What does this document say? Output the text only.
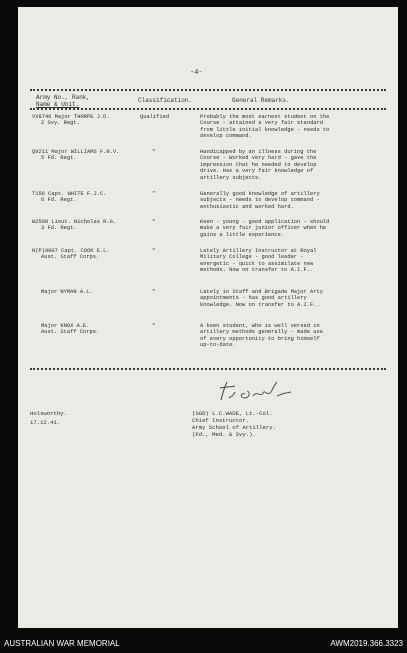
-4-
Army No., Rank,
Name & Unit.	Classification.	General Remarks.
VX8746 Major THORPE J.D.
2 Svy. Regt.
Qualified	Probably the most earnest student on the
Course - attained a very fair standard
from little initial knowledge - needs to
develop command.
Q9211 Major WILLIAMS F.N.V.
5 Fd. Regt.
"	Handicapped by an illness during the
Course - Worked very hard - gave the
impression that he needed to develop
drive. Has a very fair knowledge of
artillery subjects.
T156 Capt. WHITE F.J.C.
6 Fd. Regt.
"	Generally good knowledge of artillery
subjects - needs to develop command -
enthusiastic and worked hard.
W2508 Lieut. Nicholas R.G.
3 Fd. Regt.
"	Keen - young - good application - should
make a very fair junior officer when he
gains a little experience.
N(P)9907 Capt. COOK E.L.
Aust. Staff Corps.
"	Lately Artillery Instructor at Royal
Military College - good leader -
energetic - quick to assimilate new
methods. Now on transfer to A.I.F..
Major NYMAN A.L.	"	Lately in Staff and Brigade Major Arty
appointments - has good artillery
knowledge. Now on transfer to A.I.F..
Major KNOX A.E.
Aust. Staff Corps.
"	A keen student, who is well versed in
artillery methods generally - made use
of every opportunity to bring himself
up-to-date.
Holsworthy.
17.12.41.
(SGD) L.C.WADE, Lt.-Col.
Chief Instructor.
Army School of Artillery.
(Fd., Med. & Svy.).
AUSTRALIAN WAR MEMORIAL	AWM2019.366.3323
